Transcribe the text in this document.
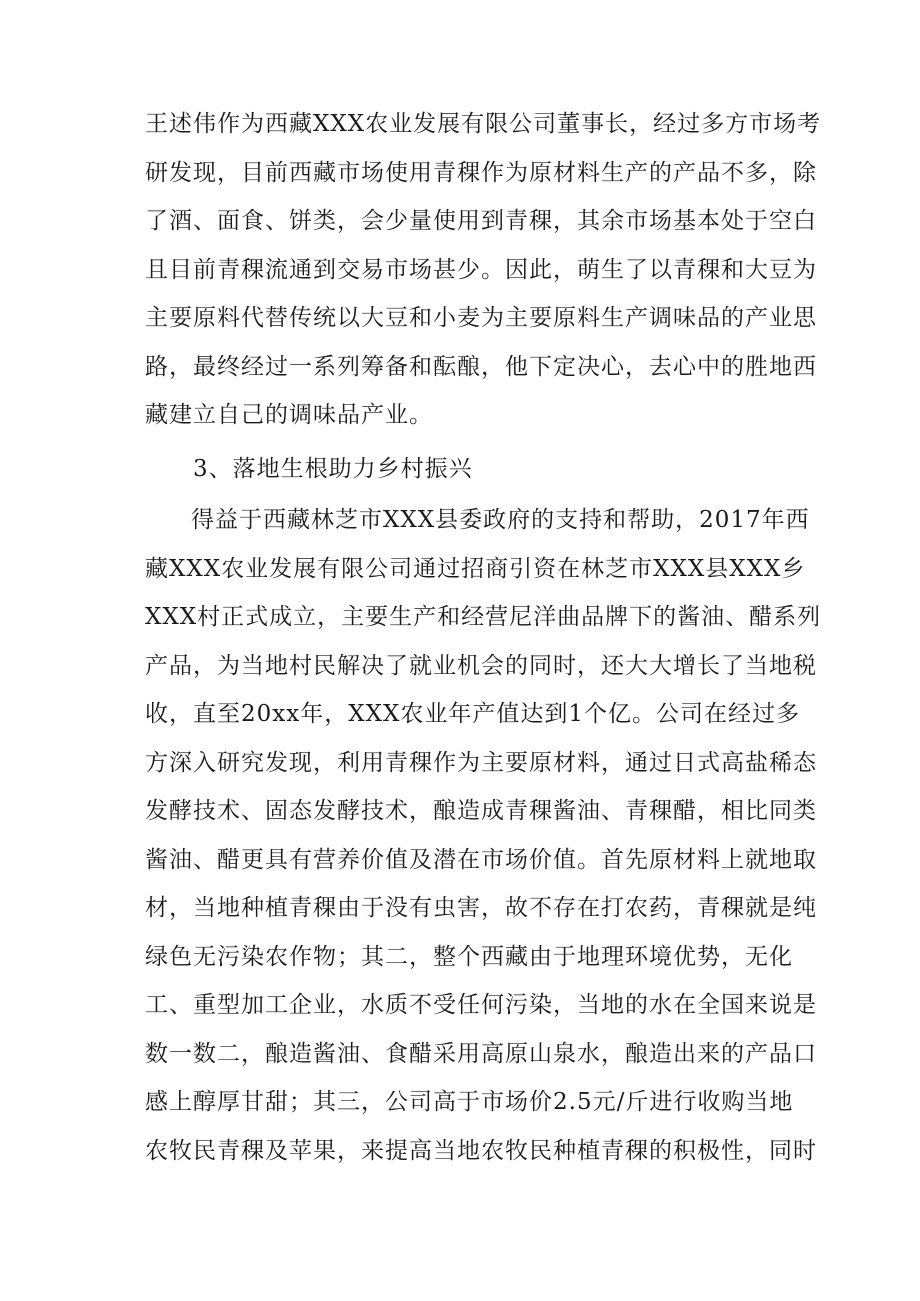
王述伟作为西藏XXX农业发展有限公司董事长，经过多方市场考
研发现，目前西藏市场使用青稞作为原材料生产的产品不多，除
了酒、面食、饼类，会少量使用到青稞，其余市场基本处于空白
且目前青稞流通到交易市场甚少。因此，萌生了以青稞和大豆为
主要原料代替传统以大豆和小麦为主要原料生产调味品的产业思
路，最终经过一系列筹备和酝酿，他下定决心，去心中的胜地西
藏建立自己的调味品产业。
3、落地生根助力乡村振兴
得益于西藏林芝市XXX县委政府的支持和帮助，2017年西
藏XXX农业发展有限公司通过招商引资在林芝市XXX县XXX乡
XXX村正式成立，主要生产和经营尼洋曲品牌下的酱油、醋系列
产品，为当地村民解决了就业机会的同时，还大大增长了当地税
收，直至20xx年，XXX农业年产值达到1个亿。公司在经过多
方深入研究发现，利用青稞作为主要原材料，通过日式高盐稀态
发酵技术、固态发酵技术，酿造成青稞酱油、青稞醋，相比同类
酱油、醋更具有营养价值及潜在市场价值。首先原材料上就地取
材，当地种植青稞由于没有虫害，故不存在打农药，青稞就是纯
绿色无污染农作物；其二，整个西藏由于地理环境优势，无化
工、重型加工企业，水质不受任何污染，当地的水在全国来说是
数一数二，酿造酱油、食醋采用高原山泉水，酿造出来的产品口
感上醇厚甘甜；其三，公司高于市场价2.5元/斤进行收购当地
农牧民青稞及苹果，来提高当地农牧民种植青稞的积极性，同时
